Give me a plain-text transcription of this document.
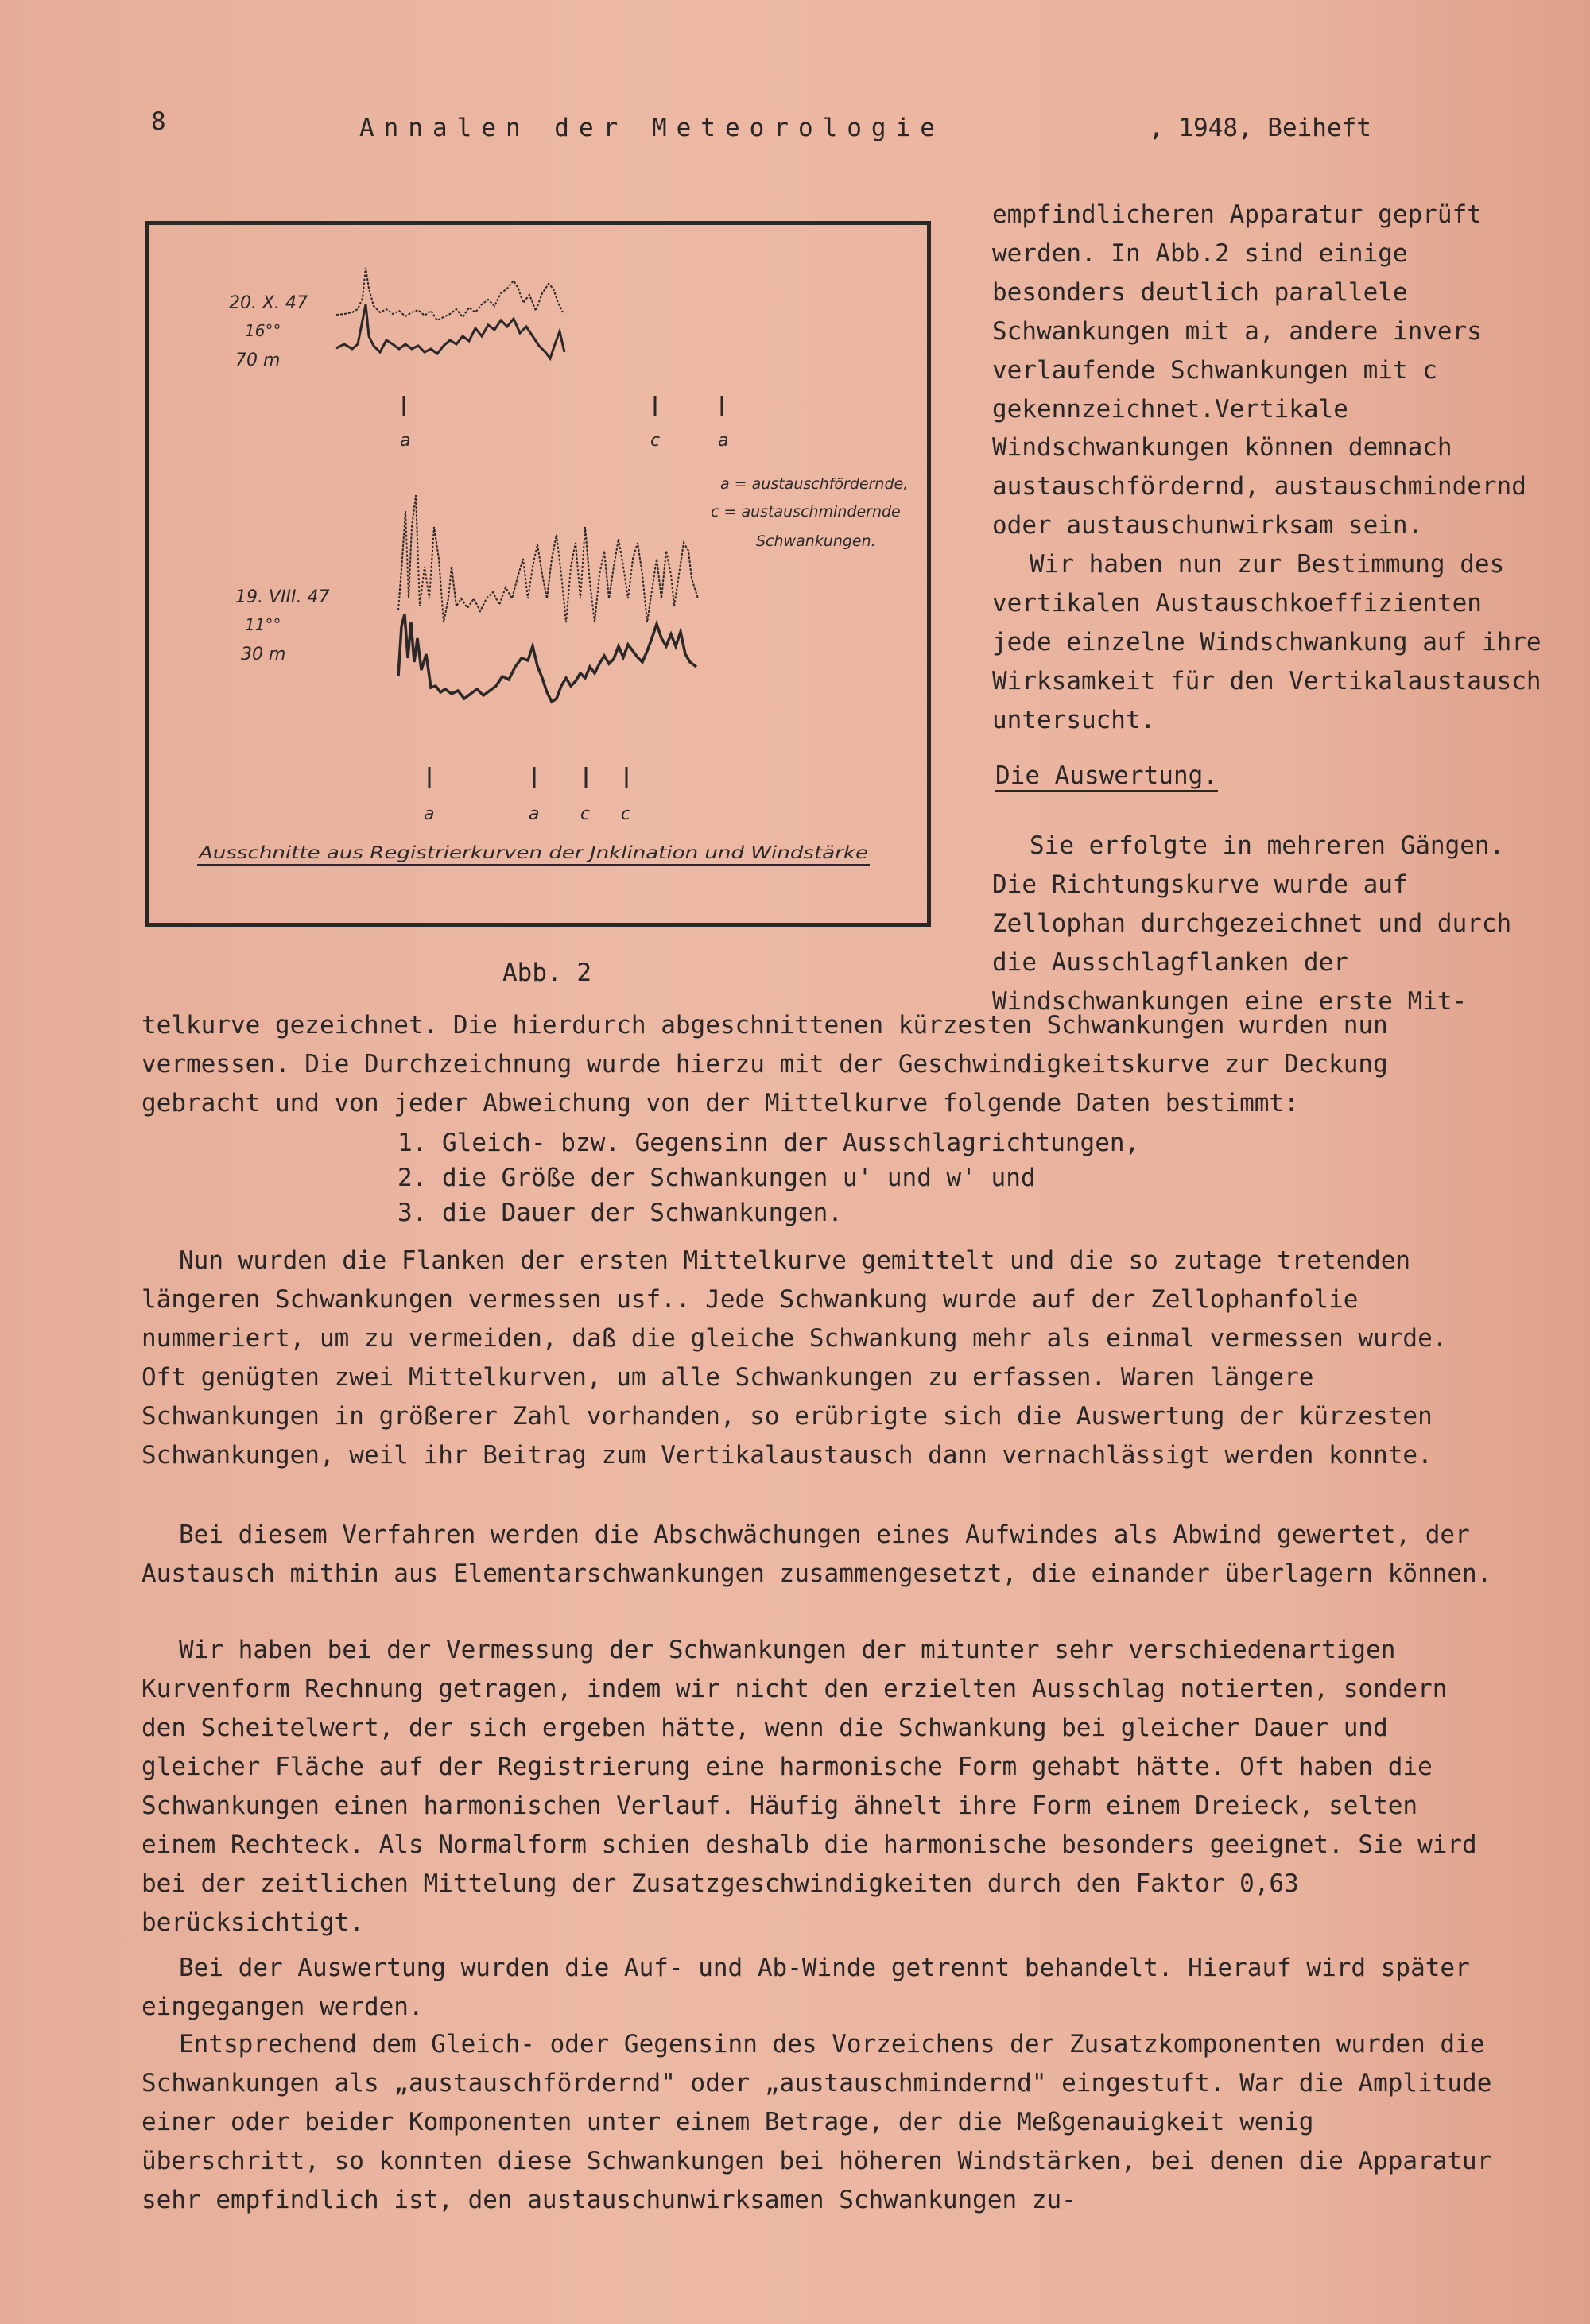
8	Annalen der Meteorologie	, 1948, Beiheft
20. X. 47
16°°
70 m
a	c	a
a = austauschfördernde,
c = austauschmindernde
Schwankungen.
19. VIII. 47
11°°
30 m
a	a c c
Ausschnitte aus Registrierkurven der Jnklination und Windstärke
Abb. 2

empfindlicheren Apparatur geprüft werden. In Abb.2 sind einige besonders deutlich parallele Schwankungen mit a, andere invers verlaufende Schwankungen mit c gekennzeichnet.Vertikale Windschwankungen können demnach austauschfördernd, austauschmindernd oder austauschunwirksam sein.

Wir haben nun zur Bestimmung des vertikalen Austauschkoeffizienten jede einzelne Windschwankung auf ihre Wirksamkeit für den Vertikalaustausch untersucht.

Die Auswertung.

Sie erfolgte in mehreren Gängen. Die Richtungskurve wurde auf Zellophan durchgezeichnet und durch die Ausschlagflanken der Windschwankungen eine erste Mit-

telkurve gezeichnet. Die hierdurch abgeschnittenen kürzesten Schwankungen wurden nun vermessen. Die Durchzeichnung wurde hierzu mit der Geschwindigkeitskurve zur Deckung gebracht und von jeder Abweichung von der Mittelkurve folgende Daten bestimmt:

1. Gleich- bzw. Gegensinn der Ausschlagrichtungen,
2. die Größe der Schwankungen u' und w' und
3. die Dauer der Schwankungen.

Nun wurden die Flanken der ersten Mittelkurve gemittelt und die so zutage tretenden längeren Schwankungen vermessen usf.. Jede Schwankung wurde auf der Zellophanfolie nummeriert, um zu vermeiden, daß die gleiche Schwankung mehr als einmal vermessen wurde. Oft genügten zwei Mittelkurven, um alle Schwankungen zu erfassen. Waren längere Schwankungen in größerer Zahl vorhanden, so erübrigte sich die Auswertung der kürzesten Schwankungen, weil ihr Beitrag zum Vertikalaustausch dann vernachlässigt werden konnte.

Bei diesem Verfahren werden die Abschwächungen eines Aufwindes als Abwind gewertet, der Austausch mithin aus Elementarschwankungen zusammengesetzt, die einander überlagern können.

Wir haben bei der Vermessung der Schwankungen der mitunter sehr verschiedenartigen Kurvenform Rechnung getragen, indem wir nicht den erzielten Ausschlag notierten, sondern den Scheitelwert, der sich ergeben hätte, wenn die Schwankung bei gleicher Dauer und gleicher Fläche auf der Registrierung eine harmonische Form gehabt hätte. Oft haben die Schwankungen einen harmonischen Verlauf. Häufig ähnelt ihre Form einem Dreieck, selten einem Rechteck. Als Normalform schien deshalb die harmonische besonders geeignet. Sie wird bei der zeitlichen Mittelung der Zusatzgeschwindigkeiten durch den Faktor 0,63 berücksichtigt.

Bei der Auswertung wurden die Auf- und Ab-Winde getrennt behandelt. Hierauf wird später eingegangen werden.

Entsprechend dem Gleich- oder Gegensinn des Vorzeichens der Zusatzkomponenten wurden die Schwankungen als „austauschfördernd" oder „austauschmindernd" eingestuft. War die Amplitude einer oder beider Komponenten unter einem Betrage, der die Meßgenauigkeit wenig überschritt, so konnten diese Schwankungen bei höheren Windstärken, bei denen die Apparatur sehr empfindlich ist, den austauschunwirksamen Schwankungen zu-
